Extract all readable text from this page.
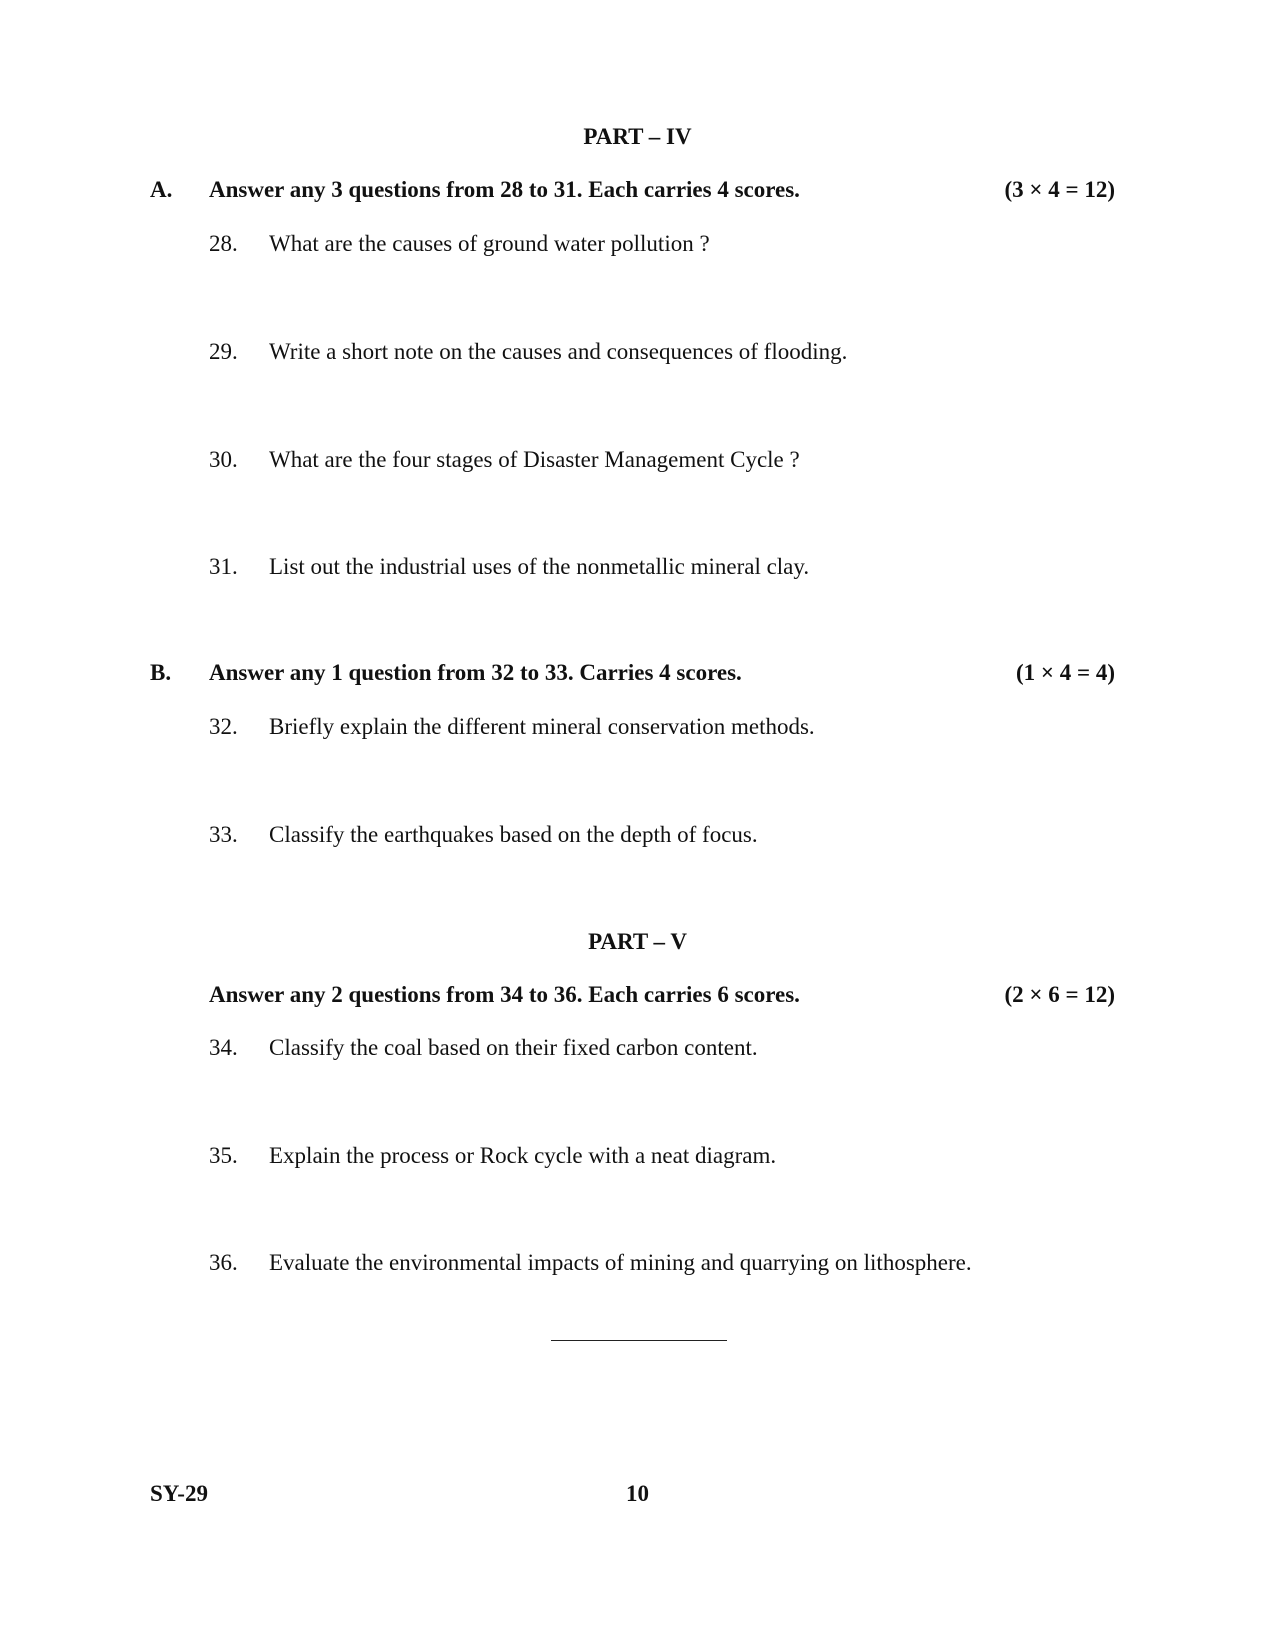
PART – IV
A. Answer any 3 questions from 28 to 31. Each carries 4 scores.	(3 × 4 = 12)
28. What are the causes of ground water pollution ?
29. Write a short note on the causes and consequences of flooding.
30. What are the four stages of Disaster Management Cycle ?
31. List out the industrial uses of the nonmetallic mineral clay.
B. Answer any 1 question from 32 to 33. Carries 4 scores.	(1 × 4 = 4)
32. Briefly explain the different mineral conservation methods.
33. Classify the earthquakes based on the depth of focus.
PART – V
Answer any 2 questions from 34 to 36. Each carries 6 scores.	(2 × 6 = 12)
34. Classify the coal based on their fixed carbon content.
35. Explain the process or Rock cycle with a neat diagram.
36. Evaluate the environmental impacts of mining and quarrying on lithosphere.
SY-29	10
